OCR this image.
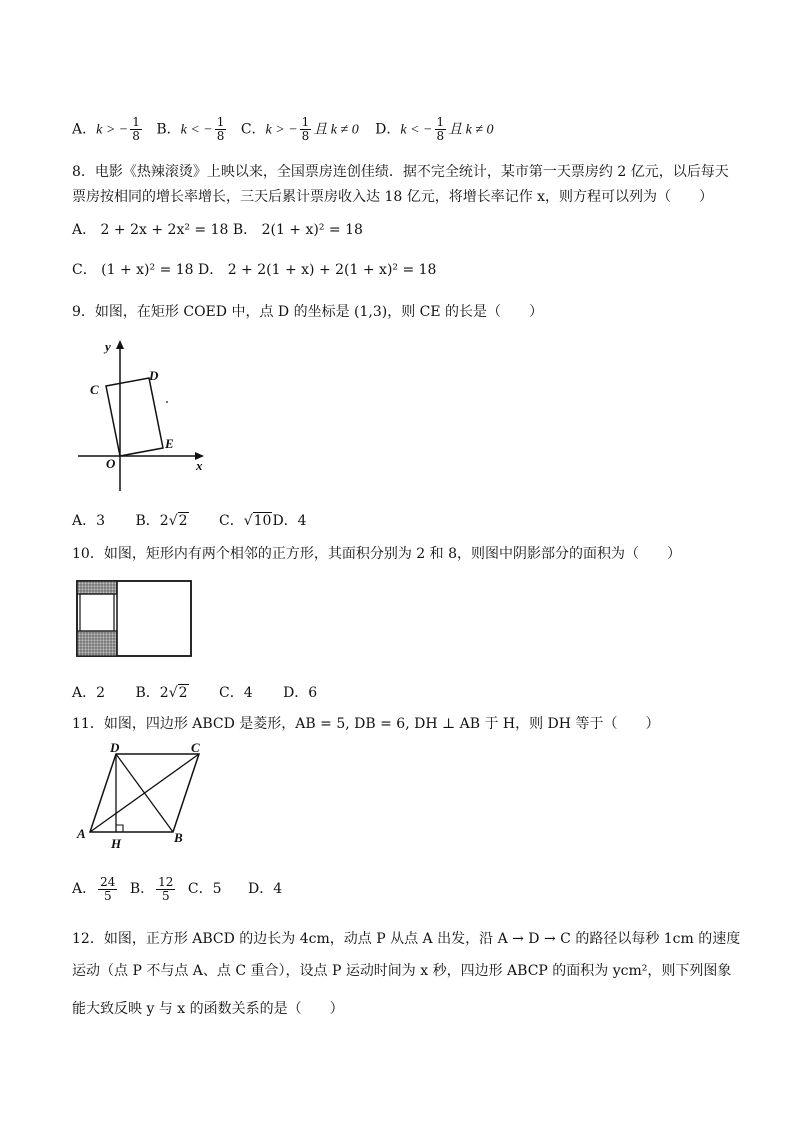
A．k > − $\frac{1}{8}$ B．k < − $\frac{1}{8}$ C．k > − $\frac{1}{8}$ 且 k ≠ 0 D．k < − $\frac{1}{8}$ 且 k ≠ 0
8．电影《热辣滚烫》上映以来，全国票房连创佳绩．据不完全统计，某市第一天票房约 2 亿元，以后每天
票房按相同的增长率增长，三天后累计票房收入达 18 亿元，将增长率记作 x，则方程可以列为（　　）
A． 2 + 2x + 2x² = 18 B． 2(1 + x)² = 18
C． (1 + x)² = 18 D． 2 + 2(1 + x) + 2(1 + x)² = 18
9．如图，在矩形 COED 中，点 D 的坐标是 (1,3)，则 CE 的长是（　　）
y
x
C
D
E
O
A．3 B．2√2 C．√10D．4
10．如图，矩形内有两个相邻的正方形，其面积分别为 2 和 8，则图中阴影部分的面积为（　　）
A．2 B．2√2 C．4 D．6
11．如图，四边形 ABCD 是菱形，AB = 5, DB = 6, DH ⊥ AB 于 H，则 DH 等于（　　）
D	C
A	B
H
A． $\frac{24}{5}$ B． $\frac{12}{5}$ C．5 D．4
12．如图，正方形 ABCD 的边长为 4cm，动点 P 从点 A 出发，沿 A → D → C 的路径以每秒 1cm 的速度
运动（点 P 不与点 A、点 C 重合），设点 P 运动时间为 x 秒，四边形 ABCP 的面积为 ycm²，则下列图象
能大致反映 y 与 x 的函数关系的是（　　）
